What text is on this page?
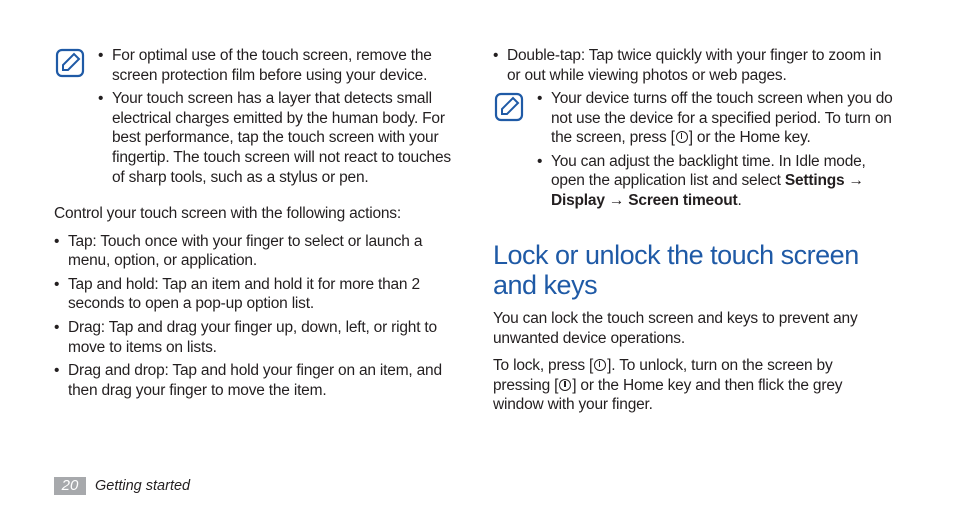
• For optimal use of the touch screen, remove the screen protection film before using your device.
• Your touch screen has a layer that detects small electrical charges emitted by the human body. For best performance, tap the touch screen with your fingertip. The touch screen will not react to touches of sharp tools, such as a stylus or pen.

Control your touch screen with the following actions:

• Tap: Touch once with your finger to select or launch a menu, option, or application.
• Tap and hold: Tap an item and hold it for more than 2 seconds to open a pop-up option list.
• Drag: Tap and drag your finger up, down, left, or right to move to items on lists.
• Drag and drop: Tap and hold your finger on an item, and then drag your finger to move the item.
• Double-tap: Tap twice quickly with your finger to zoom in or out while viewing photos or web pages.
• Your device turns off the touch screen when you do not use the device for a specified period. To turn on the screen, press [ ] or the Home key.
• You can adjust the backlight time. In Idle mode, open the application list and select Settings → Display → Screen timeout.
Lock or unlock the touch screen and keys

You can lock the touch screen and keys to prevent any unwanted device operations.

To lock, press [ ]. To unlock, turn on the screen by pressing [ ] or the Home key and then flick the grey window with your finger.

20	Getting started
